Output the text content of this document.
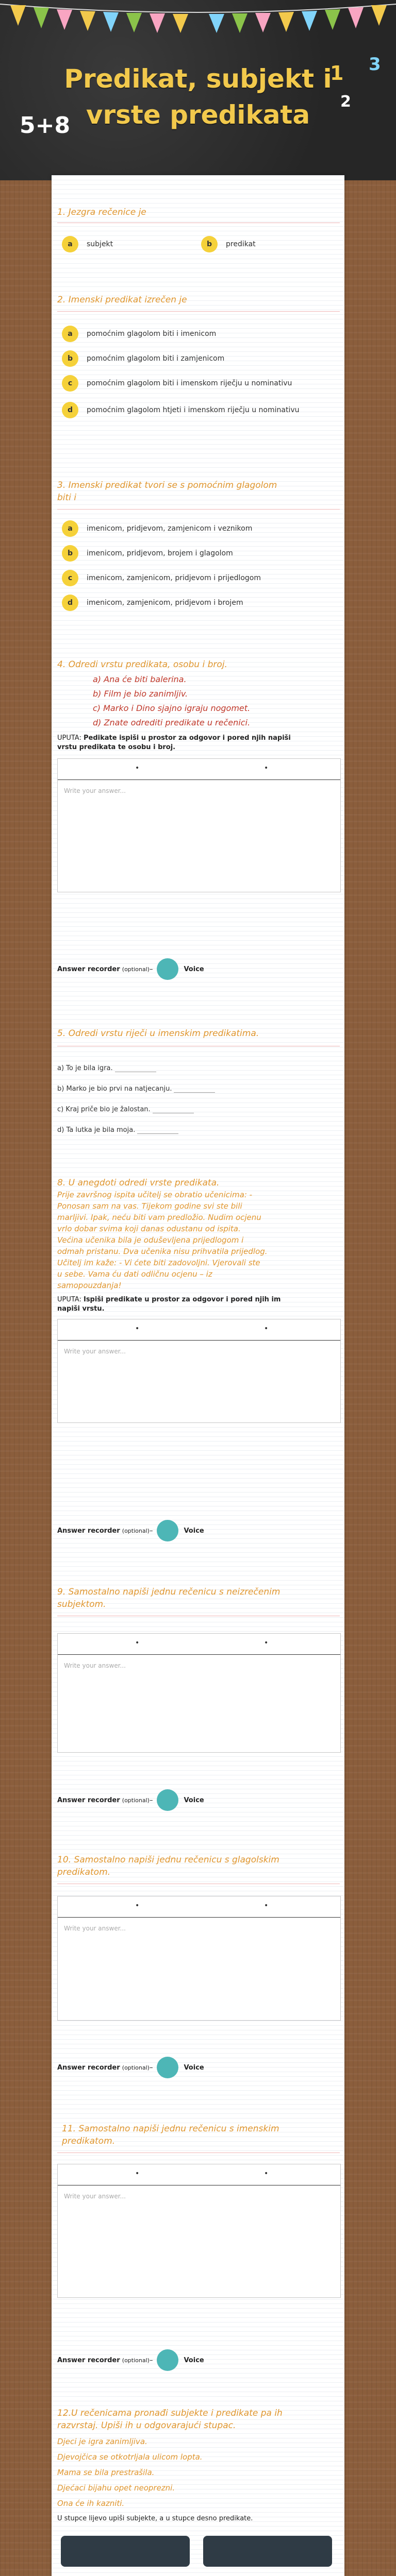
Predikat, subjekt i
vrste predikata
5+8
1
2
3
1. Jezgra rečenice je
a	subjekt	b	predikat
2. Imenski predikat izrečen je
a	pomoćnim glagolom biti i imenicom
b	pomoćnim glagolom biti i zamjenicom
c	pomoćnim glagolom biti i imenskom riječju u nominativu
d	pomoćnim glagolom htjeti i imenskom riječju u nominativu
3. Imenski predikat tvori se s pomoćnim glagolom
biti i
a	imenicom, pridjevom, zamjenicom i veznikom
b	imenicom, pridjevom, brojem i glagolom
c	imenicom, zamjenicom, pridjevom i prijedlogom
d	imenicom, zamjenicom, pridjevom i brojem
4. Odredi vrstu predikata, osobu i broj.
a) Ana će biti balerina.
b) Film je bio zanimljiv.
c) Marko i Dino sjajno igraju nogomet.
d) Znate odrediti predikate u rečenici.
UPUTA: Pedikate ispiši u prostor za odgovor i pored njih napiši
vrstu predikata te osobu i broj.
•	•
Write your answer...
Answer recorder
(optional) –	Voice
5. Odredi vrstu riječi u imenskim predikatima.
a) To je bila igra.
b) Marko je bio prvi na natjecanju.
c) Kraj priče bio je žalostan.
d) Ta lutka je bila moja.
8. U anegdoti odredi vrste predikata.
Prije završnog ispita učitelj se obratio učenicima: -
Ponosan sam na vas. Tijekom godine svi ste bili
marljivi. Ipak, neću biti vam predložio. Nudim ocjenu
vrlo dobar svima koji danas odustanu od ispita.
Većina učenika bila je oduševljena prijedlogom i
odmah pristanu. Dva učenika nisu prihvatila prijedlog.
Učitelj im kaže: - Vi ćete biti zadovoljni. Vjerovali ste
u sebe. Vama ću dati odličnu ocjenu – iz
samopouzdanja!
UPUTA: Ispiši predikate u prostor za odgovor i pored njih im
napiši vrstu.
•	•
Write your answer...
Answer recorder
(optional) –	Voice
9. Samostalno napiši jednu rečenicu s neizrečenim
subjektom.
•	•
Write your answer...
Answer recorder
(optional) –	Voice
10. Samostalno napiši jednu rečenicu s glagolskim
predikatom.
•	•
Write your answer...
Answer recorder
(optional) –	Voice
11. Samostalno napiši jednu rečenicu s imenskim
predikatom.
•	•
Write your answer...
Answer recorder
(optional) –	Voice
12.U rečenicama pronađi subjekte i predikate pa ih
razvrstaj. Upiši ih u odgovarajući stupac.
Djeci je igra zanimljiva.
Djevojčica se otkotrljala ulicom lopta.
Mama se bila prestrašila.
Djećaci bijahu opet neoprezni.
Ona će ih kazniti.
U stupce lijevo upiši subjekte, a u stupce desno predikate.
